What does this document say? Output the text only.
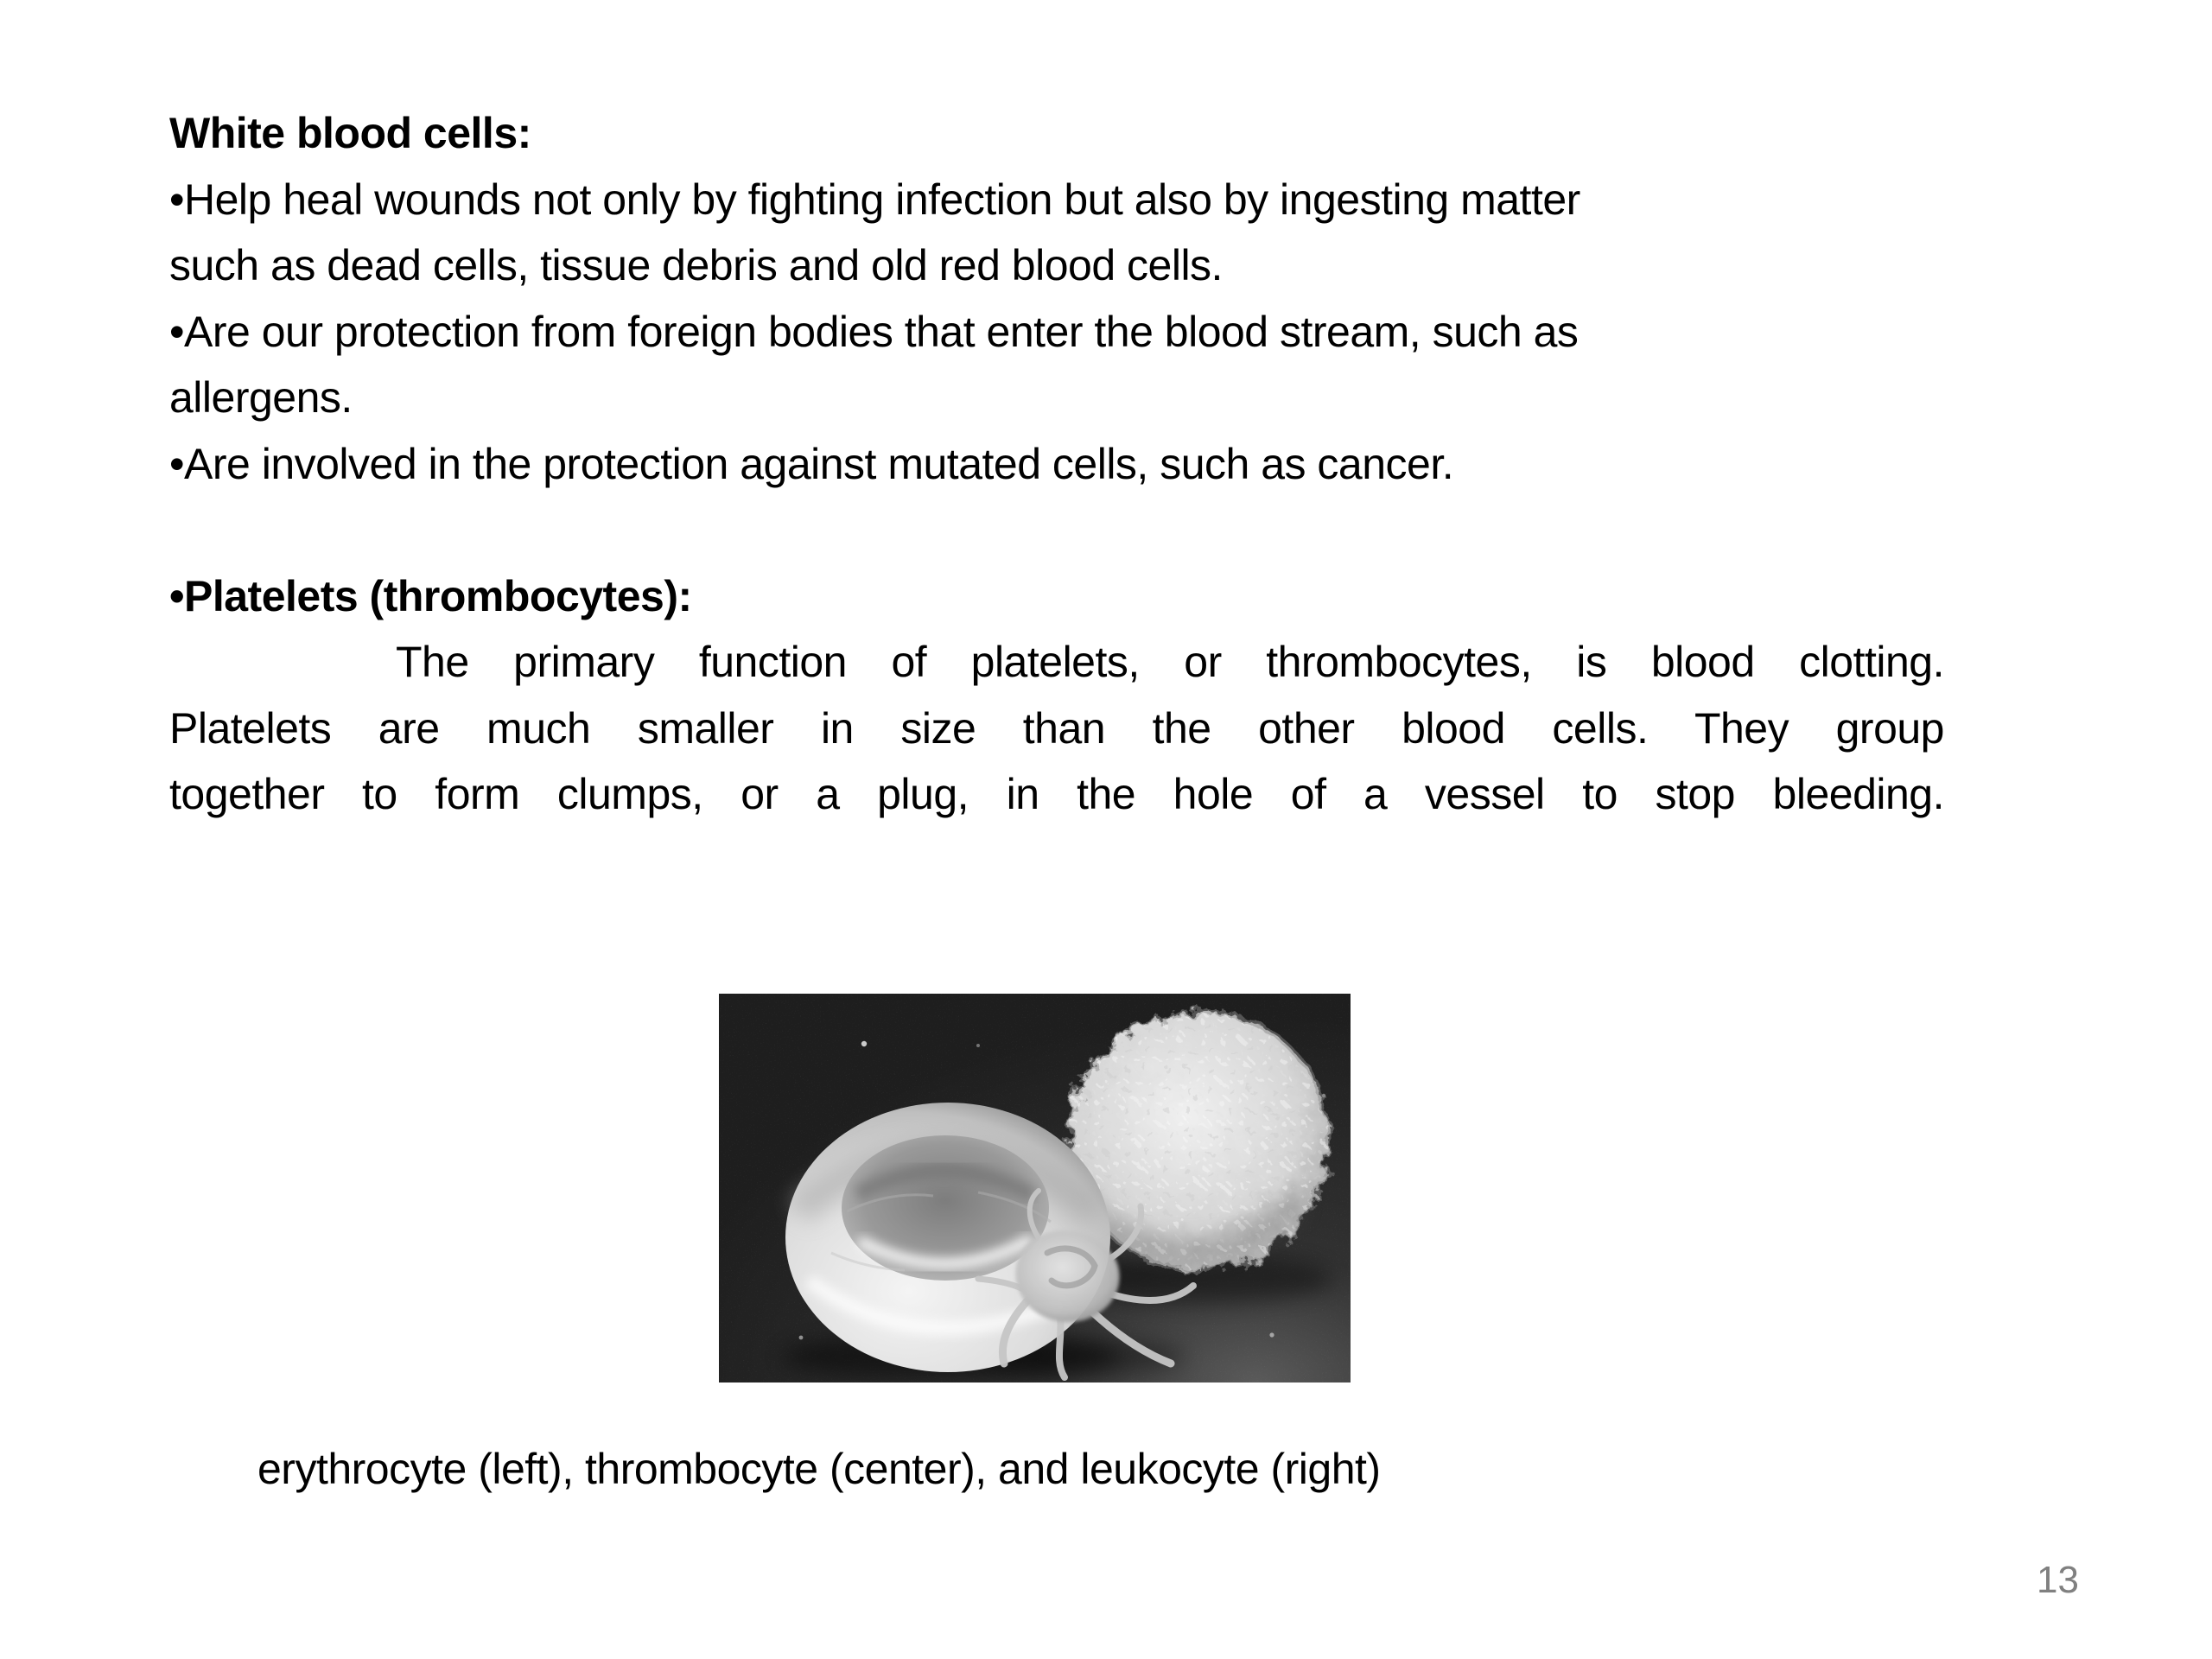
White blood cells:
•Help heal wounds not only by fighting infection but also by ingesting matter
such as dead cells, tissue debris and old red blood cells.
•Are our protection from foreign bodies that enter the blood stream, such as
allergens.
•Are involved in the protection against mutated cells, such as cancer.
•Platelets (thrombocytes):
The primary function of platelets, or thrombocytes, is blood clotting.
Platelets are much smaller in size than the other blood cells. They group
together to form clumps, or a plug, in the hole of a vessel to stop bleeding.
erythrocyte (left), thrombocyte (center), and leukocyte (right)
13
